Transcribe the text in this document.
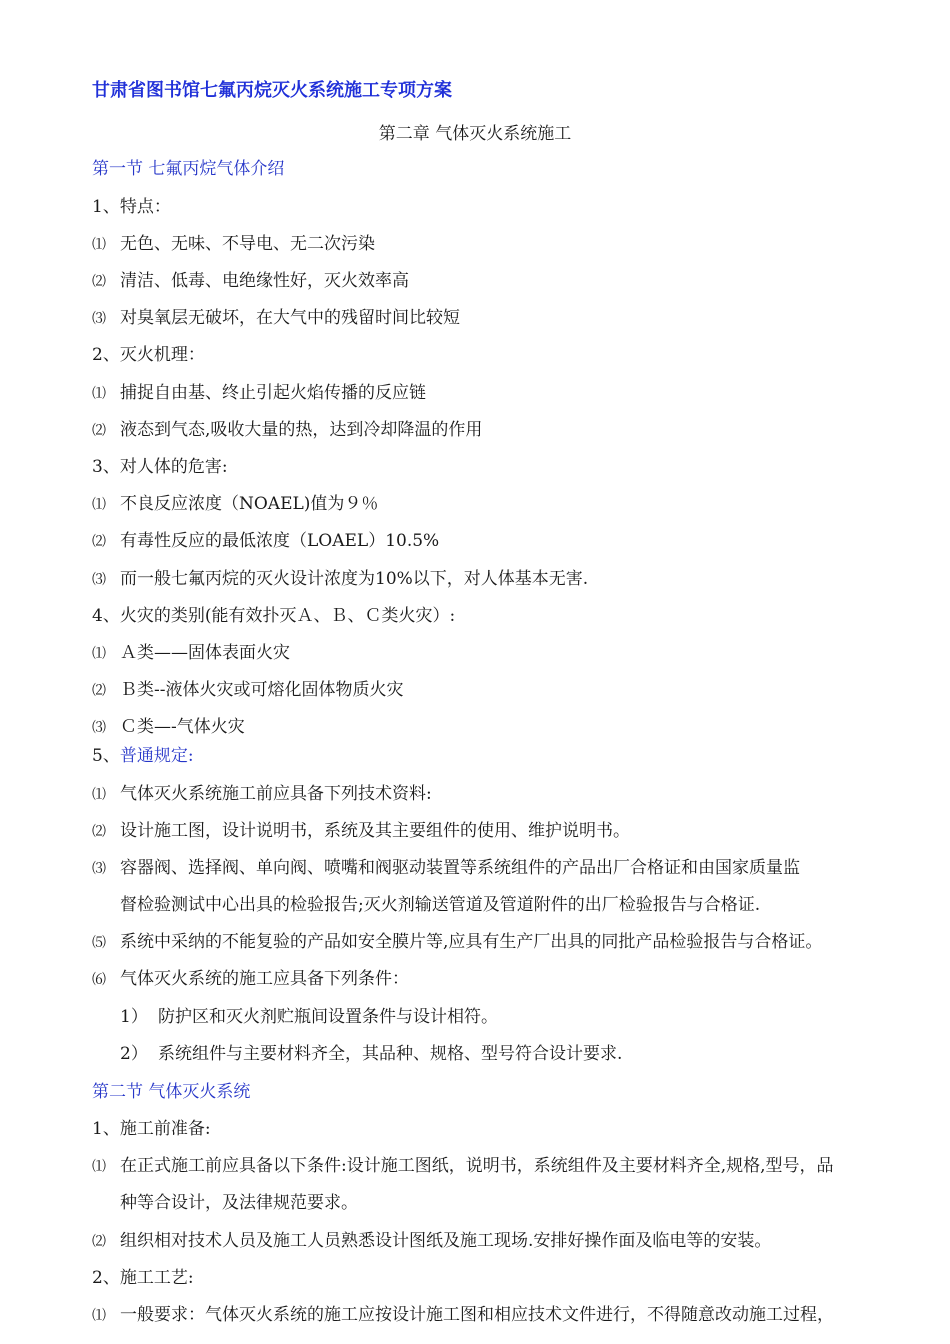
甘肃省图书馆七氟丙烷灭火系统施工专项方案
第二章 气体灭火系统施工
第一节 七氟丙烷气体介绍
1、特点：
⑴ 无色、无味、不导电、无二次污染
⑵ 清洁、低毒、电绝缘性好，灭火效率高
⑶ 对臭氧层无破坏，在大气中的残留时间比较短
2、灭火机理：
⑴ 捕捉自由基、终止引起火焰传播的反应链
⑵ 液态到气态,吸收大量的热，达到冷却降温的作用
3、对人体的危害:
⑴ 不良反应浓度（NOAEL)值为９％
⑵ 有毒性反应的最低浓度（LOAEL）10.5%
⑶ 而一般七氟丙烷的灭火设计浓度为10%以下，对人体基本无害.
4、火灾的类别(能有效扑灭Ａ、Ｂ、Ｃ类火灾）:
⑴ Ａ类——固体表面火灾
⑵ Ｂ类--液体火灾或可熔化固体物质火灾
⑶ Ｃ类—-气体火灾
5、普通规定:
⑴ 气体灭火系统施工前应具备下列技术资料:
⑵ 设计施工图，设计说明书，系统及其主要组件的使用、维护说明书。
⑶ 容器阀、选择阀、单向阀、喷嘴和阀驱动装置等系统组件的产品出厂合格证和由国家质量监
督检验测试中心出具的检验报告;灭火剂输送管道及管道附件的出厂检验报告与合格证.
⑸ 系统中采纳的不能复验的产品如安全膜片等,应具有生产厂出具的同批产品检验报告与合格证。
⑹ 气体灭火系统的施工应具备下列条件：
1） 防护区和灭火剂贮瓶间设置条件与设计相符。
2） 系统组件与主要材料齐全，其品种、规格、型号符合设计要求.
第二节 气体灭火系统
1、施工前准备:
⑴ 在正式施工前应具备以下条件:设计施工图纸，说明书，系统组件及主要材料齐全,规格,型号，品
种等合设计，及法律规范要求。
⑵ 组织相对技术人员及施工人员熟悉设计图纸及施工现场.安排好操作面及临电等的安装。
2、施工工艺:
⑴ 一般要求：气体灭火系统的施工应按设计施工图和相应技术文件进行，不得随意改动施工过程，
